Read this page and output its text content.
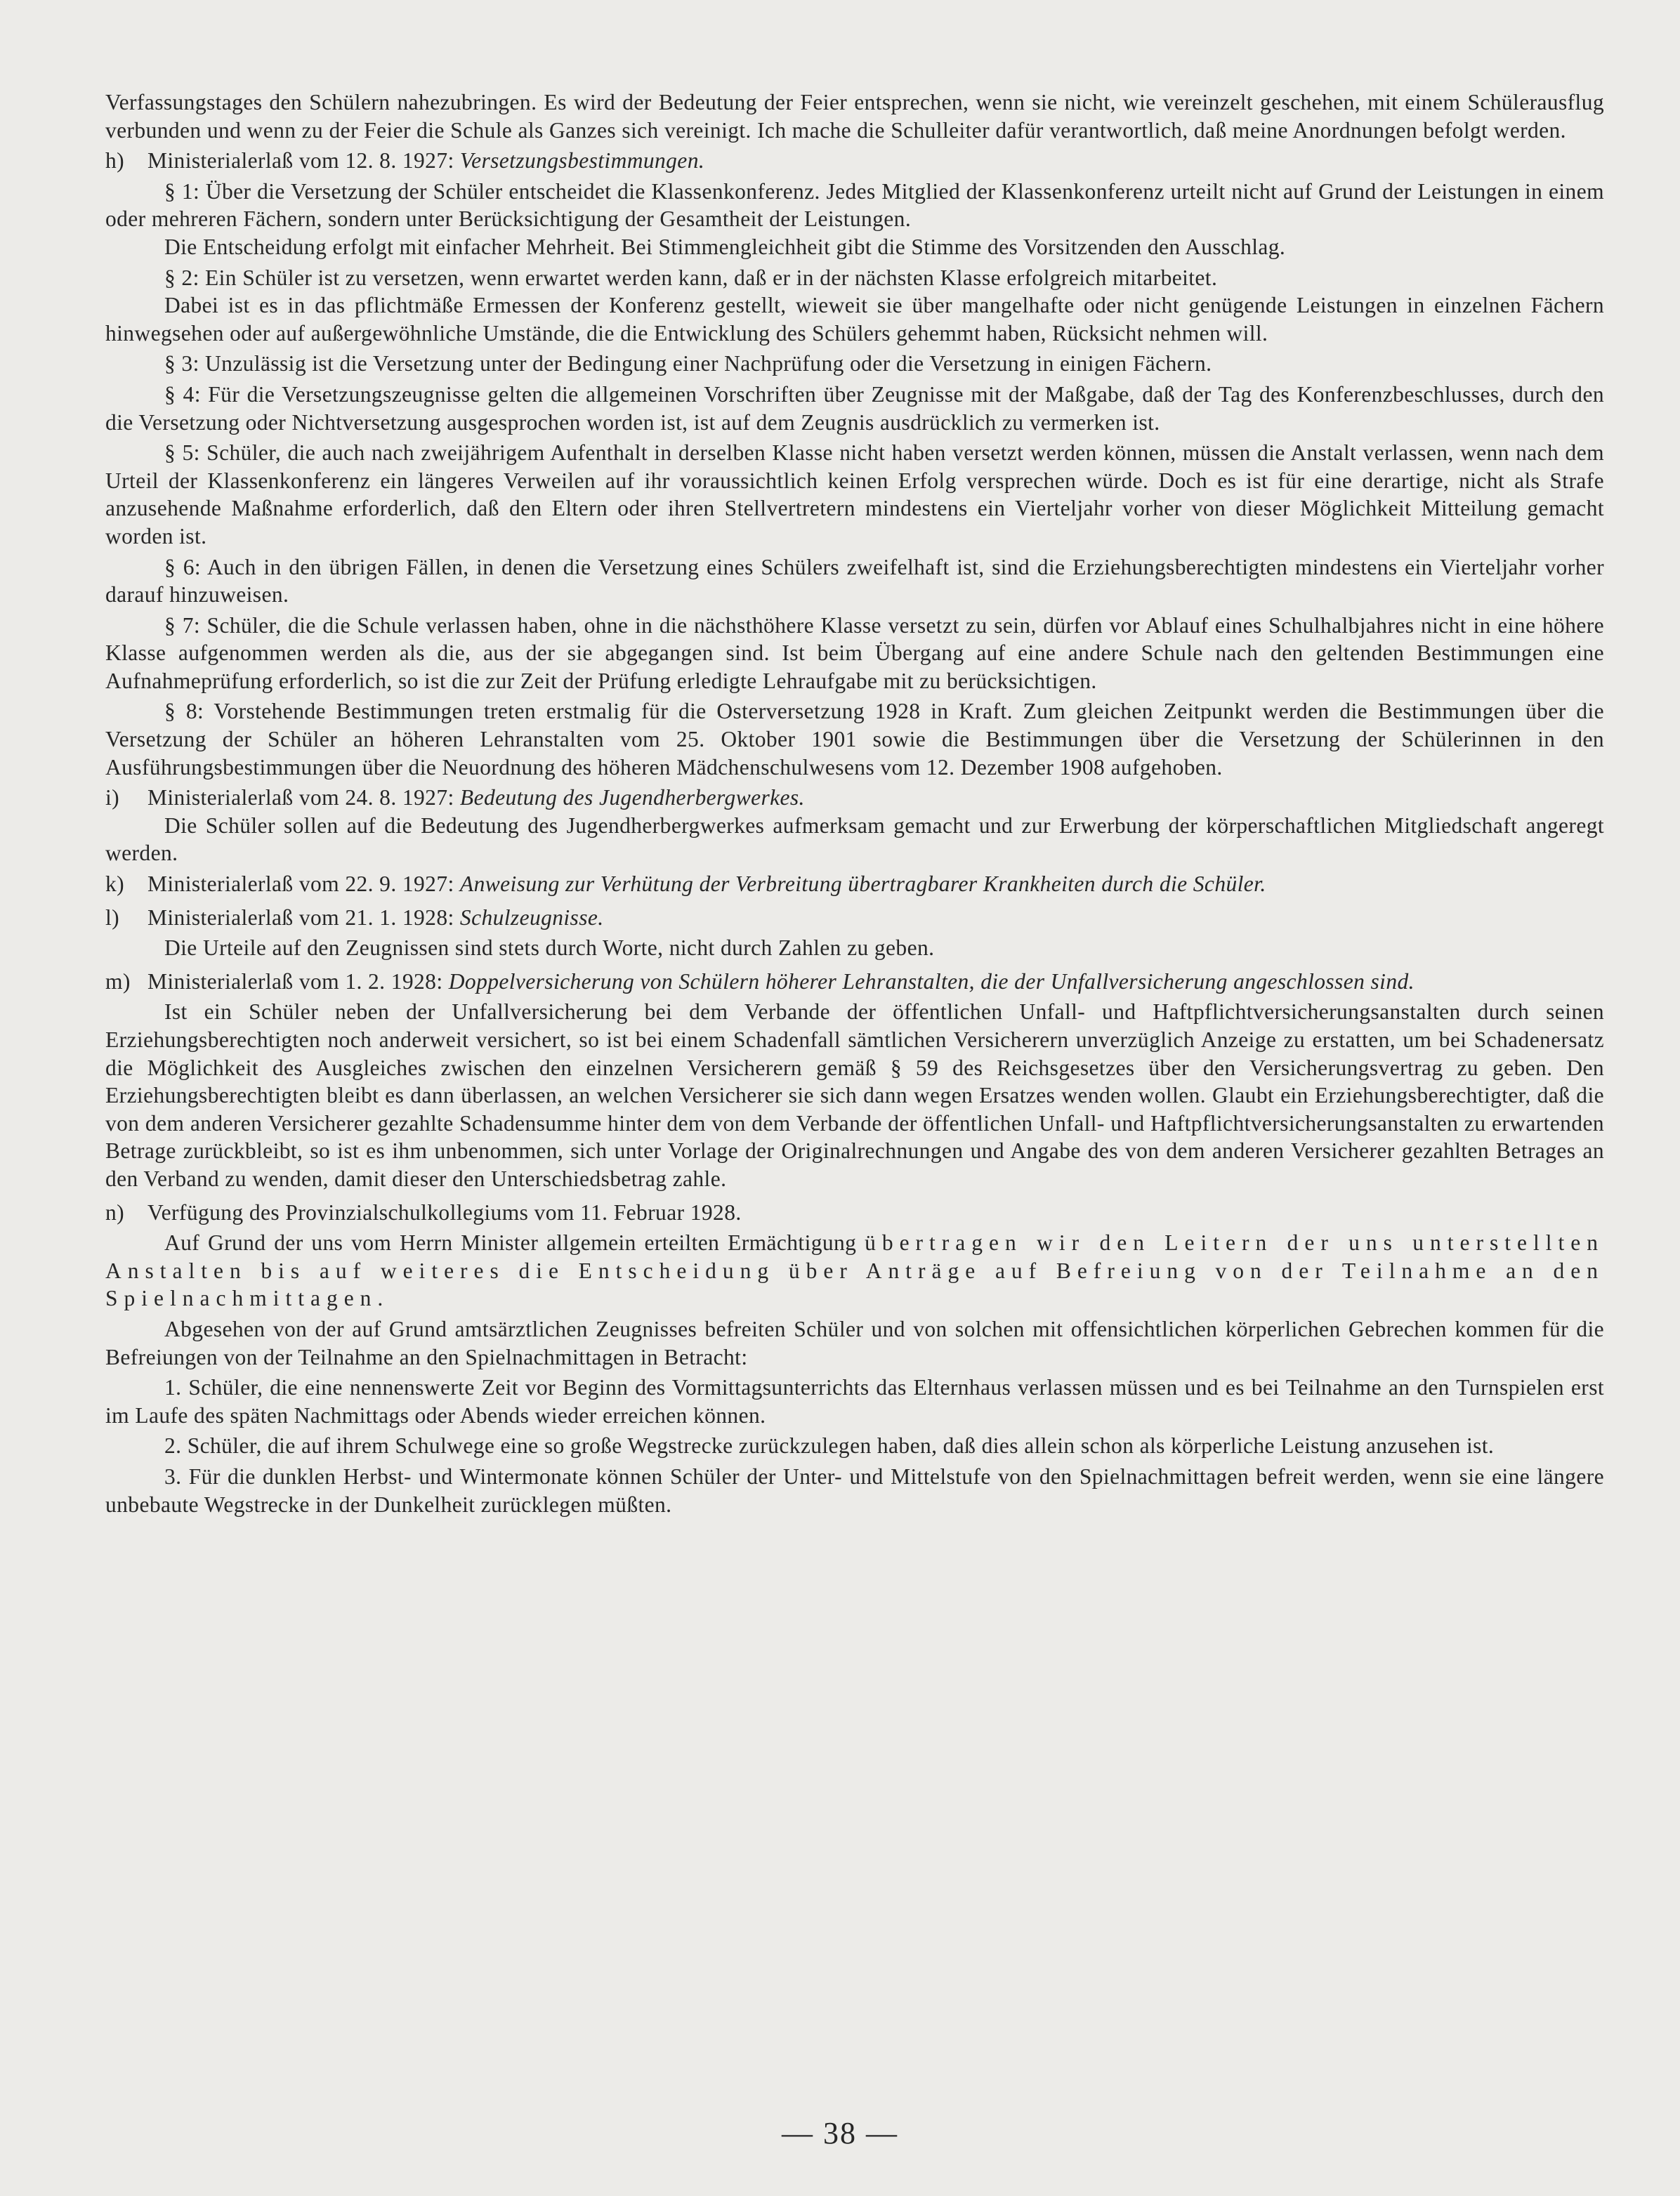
Verfassungstages den Schülern nahezubringen. Es wird der Bedeutung der Feier entsprechen, wenn sie nicht, wie vereinzelt geschehen, mit einem Schülerausflug verbunden und wenn zu der Feier die Schule als Ganzes sich vereinigt. Ich mache die Schulleiter dafür verantwortlich, daß meine Anordnungen befolgt werden.

h) Ministerialerlaß vom 12. 8. 1927: Versetzungsbestimmungen.

§ 1: Über die Versetzung der Schüler entscheidet die Klassenkonferenz. Jedes Mitglied der Klassenkonferenz urteilt nicht auf Grund der Leistungen in einem oder mehreren Fächern, sondern unter Berücksichtigung der Gesamtheit der Leistungen.

Die Entscheidung erfolgt mit einfacher Mehrheit. Bei Stimmengleichheit gibt die Stimme des Vorsitzenden den Ausschlag.

§ 2: Ein Schüler ist zu versetzen, wenn erwartet werden kann, daß er in der nächsten Klasse erfolgreich mitarbeitet.

Dabei ist es in das pflichtmäße Ermessen der Konferenz gestellt, wieweit sie über mangelhafte oder nicht genügende Leistungen in einzelnen Fächern hinwegsehen oder auf außergewöhnliche Umstände, die die Entwicklung des Schülers gehemmt haben, Rücksicht nehmen will.

§ 3: Unzulässig ist die Versetzung unter der Bedingung einer Nachprüfung oder die Versetzung in einigen Fächern.

§ 4: Für die Versetzungszeugnisse gelten die allgemeinen Vorschriften über Zeugnisse mit der Maßgabe, daß der Tag des Konferenzbeschlusses, durch den die Versetzung oder Nichtversetzung ausgesprochen worden ist, ist auf dem Zeugnis ausdrücklich zu vermerken ist.

§ 5: Schüler, die auch nach zweijährigem Aufenthalt in derselben Klasse nicht haben versetzt werden können, müssen die Anstalt verlassen, wenn nach dem Urteil der Klassenkonferenz ein längeres Verweilen auf ihr voraussichtlich keinen Erfolg versprechen würde. Doch es ist für eine derartige, nicht als Strafe anzusehende Maßnahme erforderlich, daß den Eltern oder ihren Stellvertretern mindestens ein Vierteljahr vorher von dieser Möglichkeit Mitteilung gemacht worden ist.

§ 6: Auch in den übrigen Fällen, in denen die Versetzung eines Schülers zweifelhaft ist, sind die Erziehungsberechtigten mindestens ein Vierteljahr vorher darauf hinzuweisen.

§ 7: Schüler, die die Schule verlassen haben, ohne in die nächsthöhere Klasse versetzt zu sein, dürfen vor Ablauf eines Schulhalbjahres nicht in eine höhere Klasse aufgenommen werden als die, aus der sie abgegangen sind. Ist beim Übergang auf eine andere Schule nach den geltenden Bestimmungen eine Aufnahmeprüfung erforderlich, so ist die zur Zeit der Prüfung erledigte Lehraufgabe mit zu berücksichtigen.

§ 8: Vorstehende Bestimmungen treten erstmalig für die Osterversetzung 1928 in Kraft. Zum gleichen Zeitpunkt werden die Bestimmungen über die Versetzung der Schüler an höheren Lehranstalten vom 25. Oktober 1901 sowie die Bestimmungen über die Versetzung der Schülerinnen in den Ausführungsbestimmungen über die Neuordnung des höheren Mädchenschulwesens vom 12. Dezember 1908 aufgehoben.

i) Ministerialerlaß vom 24. 8. 1927: Bedeutung des Jugendherbergwerkes.

Die Schüler sollen auf die Bedeutung des Jugendherbergwerkes aufmerksam gemacht und zur Erwerbung der körperschaftlichen Mitgliedschaft angeregt werden.

k) Ministerialerlaß vom 22. 9. 1927: Anweisung zur Verhütung der Verbreitung übertragbarer Krankheiten durch die Schüler.

l) Ministerialerlaß vom 21. 1. 1928: Schulzeugnisse.

Die Urteile auf den Zeugnissen sind stets durch Worte, nicht durch Zahlen zu geben.

m) Ministerialerlaß vom 1. 2. 1928: Doppelversicherung von Schülern höherer Lehranstalten, die der Unfallversicherung angeschlossen sind.

Ist ein Schüler neben der Unfallversicherung bei dem Verbande der öffentlichen Unfall- und Haftpflichtversicherungsanstalten durch seinen Erziehungsberechtigten noch anderweit versichert, so ist bei einem Schadenfall sämtlichen Versicherern unverzüglich Anzeige zu erstatten, um bei Schadenersatz die Möglichkeit des Ausgleiches zwischen den einzelnen Versicherern gemäß § 59 des Reichsgesetzes über den Versicherungsvertrag zu geben. Den Erziehungsberechtigten bleibt es dann überlassen, an welchen Versicherer sie sich dann wegen Ersatzes wenden wollen. Glaubt ein Erziehungsberechtigter, daß die von dem anderen Versicherer gezahlte Schadensumme hinter dem von dem Verbande der öffentlichen Unfall- und Haftpflichtversicherungsanstalten zu erwartenden Betrage zurückbleibt, so ist es ihm unbenommen, sich unter Vorlage der Originalrechnungen und Angabe des von dem anderen Versicherer gezahlten Betrages an den Verband zu wenden, damit dieser den Unterschiedsbetrag zahle.

n) Verfügung des Provinzialschulkollegiums vom 11. Februar 1928.

Auf Grund der uns vom Herrn Minister allgemein erteilten Ermächtigung übertragen wir den Leitern der uns unterstellten Anstalten bis auf weiteres die Entscheidung über Anträge auf Befreiung von der Teilnahme an den Spielnachmittagen.

Abgesehen von der auf Grund amtsärztlichen Zeugnisses befreiten Schüler und von solchen mit offensichtlichen körperlichen Gebrechen kommen für die Befreiungen von der Teilnahme an den Spielnachmittagen in Betracht:

1. Schüler, die eine nennenswerte Zeit vor Beginn des Vormittagsunterrichts das Elternhaus verlassen müssen und es bei Teilnahme an den Turnspielen erst im Laufe des späten Nachmittags oder Abends wieder erreichen können.

2. Schüler, die auf ihrem Schulwege eine so große Wegstrecke zurückzulegen haben, daß dies allein schon als körperliche Leistung anzusehen ist.

3. Für die dunklen Herbst- und Wintermonate können Schüler der Unter- und Mittelstufe von den Spielnachmittagen befreit werden, wenn sie eine längere unbebaute Wegstrecke in der Dunkelheit zurücklegen müßten.

— 38 —
